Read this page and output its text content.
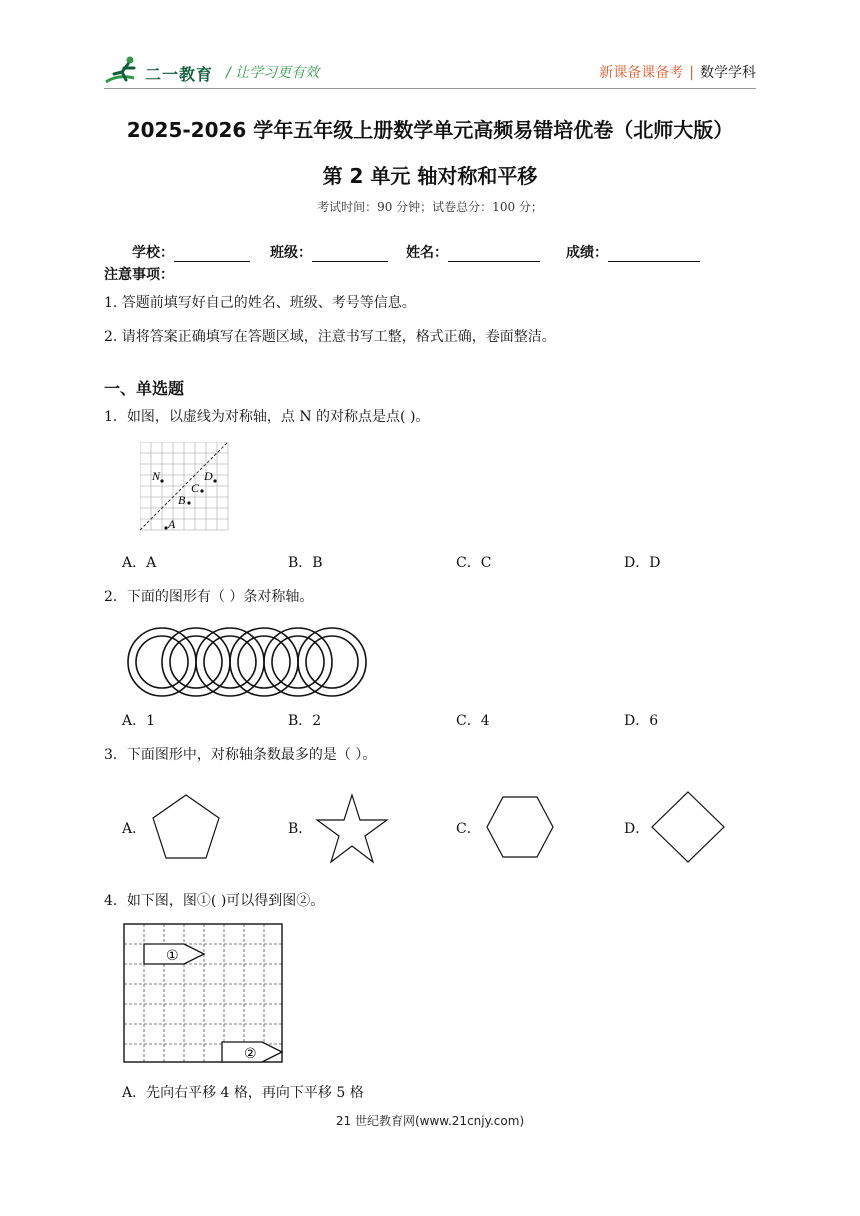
二一教育 / 让学习更有效	新课备课备考 | 数学学科
2025-2026 学年五年级上册数学单元高频易错培优卷（北师大版）
第 2 单元 轴对称和平移
考试时间：90 分钟；试卷总分：100 分；
学校：	班级：	姓名：	成绩：
注意事项：
1. 答题前填写好自己的姓名、班级、考号等信息。
2. 请将答案正确填写在答题区域，注意书写工整，格式正确，卷面整洁。
一、单选题
1．如图，以虚线为对称轴，点 N 的对称点是点( )。
N	D
C
B
A
A．A	B．B	C．C	D．D
2．下面的图形有（ ）条对称轴。
A．1	B．2	C．4	D．6
3．下面图形中，对称轴条数最多的是（ ）。
A．	B．	C．	D．
4．如下图，图①( )可以得到图②。
①
②
A．先向右平移 4 格，再向下平移 5 格
21 世纪教育网(www.21cnjy.com)
